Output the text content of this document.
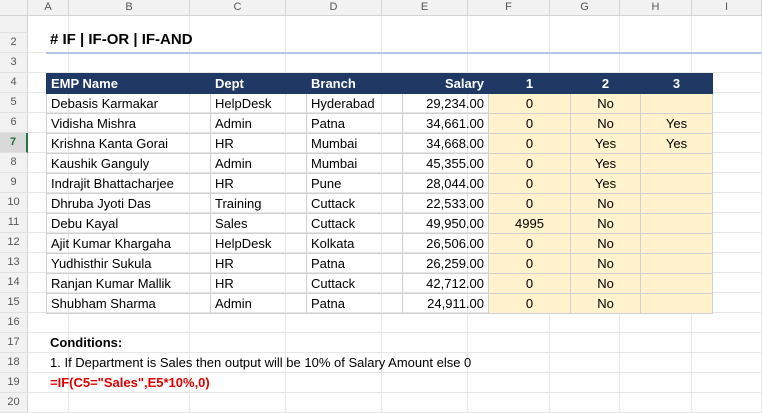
A	B	C	D	E	F	G	H	I
2
3
4
5
6
7
8
9
10
11
12
13
14
15
16
17
18
19
20
# IF | IF-OR | IF-AND
EMP Name	Dept	Branch	Salary	1	2	3
Debasis Karmakar	HelpDesk	Hyderabad	29,234.00	0	No	
Vidisha Mishra	Admin	Patna	34,661.00	0	No	Yes
Krishna Kanta Gorai	HR	Mumbai	34,668.00	0	Yes	Yes
Kaushik Ganguly	Admin	Mumbai	45,355.00	0	Yes	
Indrajit Bhattacharjee	HR	Pune	28,044.00	0	Yes	
Dhruba Jyoti Das	Training	Cuttack	22,533.00	0	No	
Debu Kayal	Sales	Cuttack	49,950.00	4995	No	
Ajit Kumar Khargaha	HelpDesk	Kolkata	26,506.00	0	No	
Yudhisthir Sukula	HR	Patna	26,259.00	0	No	
Ranjan Kumar Mallik	HR	Cuttack	42,712.00	0	No	
Shubham Sharma	Admin	Patna	24,911.00	0	No	
Conditions:
1. If Department is Sales then output will be 10% of Salary Amount else 0
=IF(C5="Sales",E5*10%,0)
